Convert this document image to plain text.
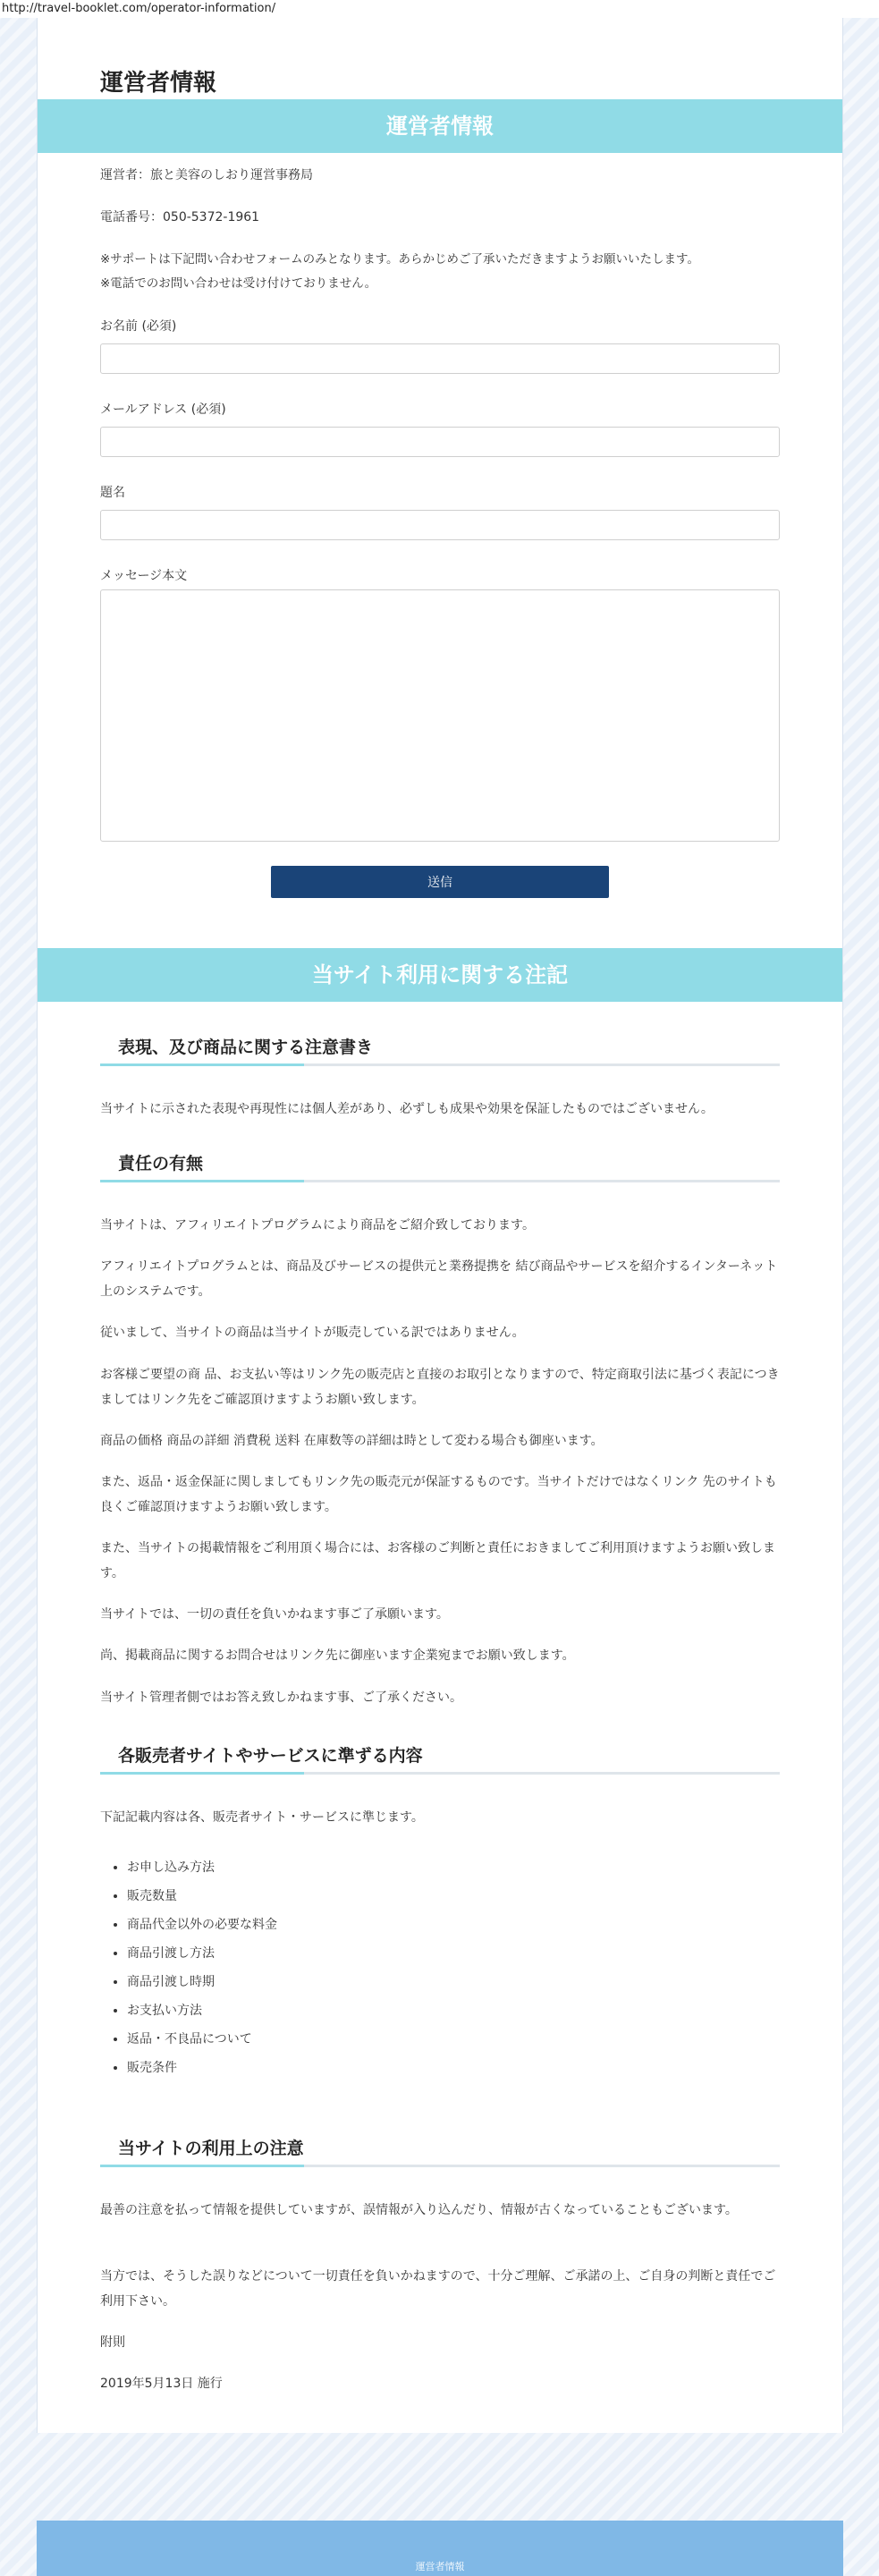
http://travel-booklet.com/operator-information/
運営者情報
運営者情報

運営者：旅と美容のしおり運営事務局

電話番号：050-5372-1961

※サポートは下記問い合わせフォームのみとなります。あらかじめご了承いただきますようお願いいたします。

※電話でのお問い合わせは受け付けておりません。

お名前 (必須)
メールアドレス (必須)
題名
メッセージ本文
送信
当サイト利用に関する注記
表現、及び商品に関する注意書き

当サイトに示された表現や再現性には個人差があり、必ずしも成果や効果を保証したものではございません。

責任の有無

当サイトは、アフィリエイトプログラムにより商品をご紹介致しております。

アフィリエイトプログラムとは、商品及びサービスの提供元と業務提携を 結び商品やサービスを紹介するインターネット上のシステムです。

従いまして、当サイトの商品は当サイトが販売している訳ではありません。

お客様ご要望の商 品、お支払い等はリンク先の販売店と直接のお取引となりますので、特定商取引法に基づく表記につきましてはリンク先をご確認頂けますようお願い致します。

商品の価格 商品の詳細 消費税 送料 在庫数等の詳細は時として変わる場合も御座います。

また、返品・返金保証に関しましてもリンク先の販売元が保証するものです。当サイトだけではなくリンク 先のサイトも良くご確認頂けますようお願い致します。

また、当サイトの掲載情報をご利用頂く場合には、お客様のご判断と責任におきましてご利用頂けますようお願い致します。

当サイトでは、一切の責任を負いかねます事ご了承願います。

尚、掲載商品に関するお問合せはリンク先に御座います企業宛までお願い致します。

当サイト管理者側ではお答え致しかねます事、ご了承ください。

各販売者サイトやサービスに準ずる内容

下記記載内容は各、販売者サイト・サービスに準じます。

• お申し込み方法
• 販売数量
• 商品代金以外の必要な料金
• 商品引渡し方法
• 商品引渡し時期
• お支払い方法
• 返品・不良品について
• 販売条件
当サイトの利用上の注意

最善の注意を払って情報を提供していますが、誤情報が入り込んだり、情報が古くなっていることもございます。

当方では、そうした誤りなどについて一切責任を負いかねますので、十分ご理解、ご承諾の上、ご自身の判断と責任でご利用下さい。

附則

2019年5月13日 施行

運営者情報
